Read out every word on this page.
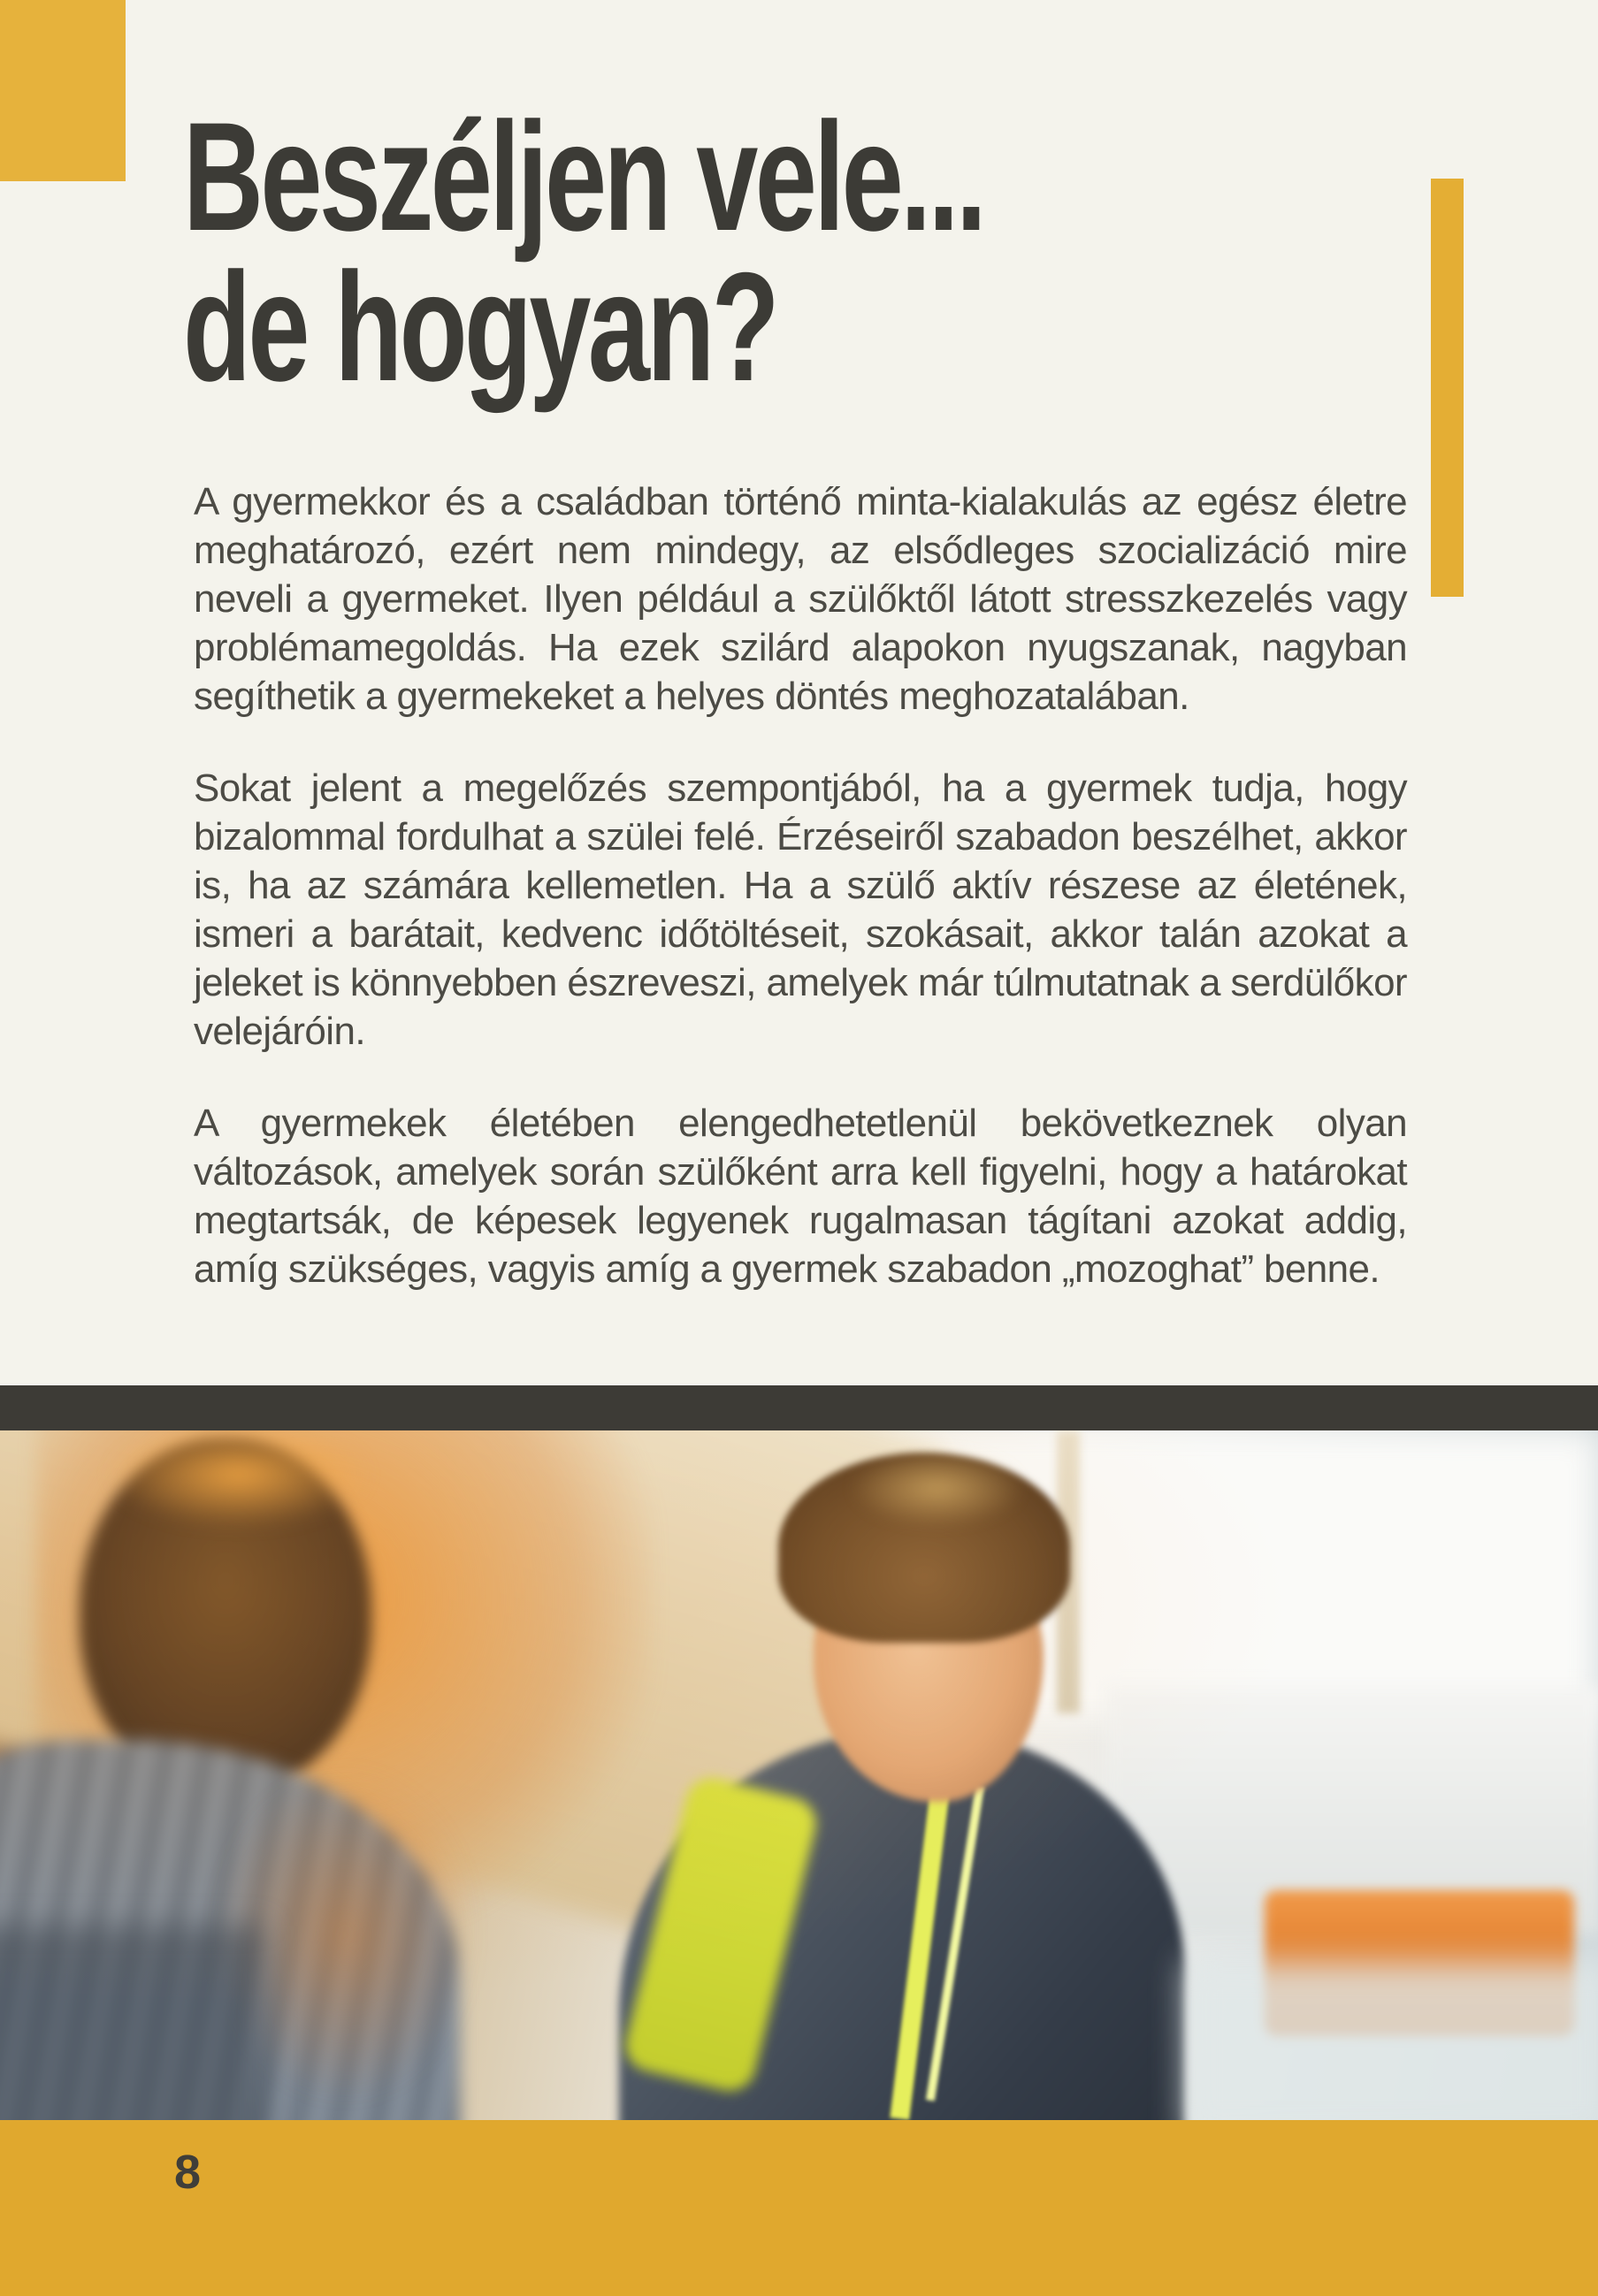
Beszéljen vele...
de hogyan?

A gyermekkor és a családban történő minta-kialakulás az egész életre meghatározó, ezért nem mindegy, az elsődleges szocializáció mire neveli a gyermeket. Ilyen például a szülőktől látott stresszkezelés vagy problémamegoldás. Ha ezek szilárd alapokon nyugszanak, nagyban segíthetik a gyermekeket a helyes döntés meghozatalában.

Sokat jelent a megelőzés szempontjából, ha a gyermek tudja, hogy bizalommal fordulhat a szülei felé. Érzéseiről szabadon beszélhet, akkor is, ha az számára kellemetlen. Ha a szülő aktív részese az életének, ismeri a barátait, kedvenc időtöltéseit, szokásait, akkor talán azokat a jeleket is könnyebben észreveszi, amelyek már túlmutatnak a serdülőkor velejáróin.

A gyermekek életében elengedhetetlenül bekövetkeznek olyan változások, amelyek során szülőként arra kell figyelni, hogy a határokat megtartsák, de képesek legyenek rugalmasan tágítani azokat addig, amíg szükséges, vagyis amíg a gyermek szabadon „mozoghat” benne.

8
